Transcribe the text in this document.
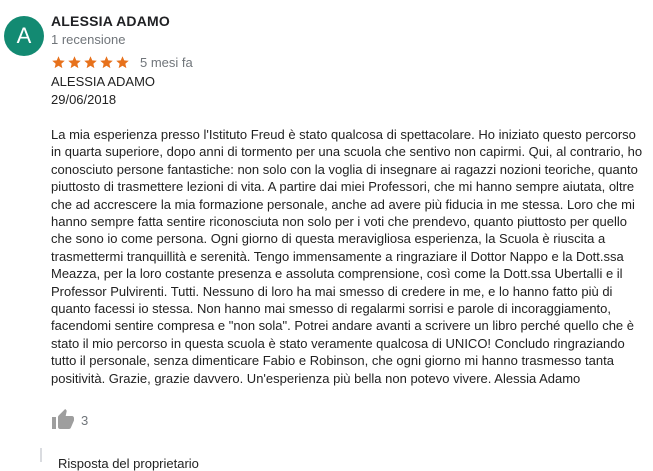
A
ALESSIA ADAMO
1 recensione
5 mesi fa
ALESSIA ADAMO
29/06/2018

La mia esperienza presso l'Istituto Freud è stato qualcosa di spettacolare. Ho iniziato questo percorso
in quarta superiore, dopo anni di tormento per una scuola che sentivo non capirmi. Qui, al contrario, ho
conosciuto persone fantastiche: non solo con la voglia di insegnare ai ragazzi nozioni teoriche, quanto
piuttosto di trasmettere lezioni di vita. A partire dai miei Professori, che mi hanno sempre aiutata, oltre
che ad accrescere la mia formazione personale, anche ad avere più fiducia in me stessa. Loro che mi
hanno sempre fatta sentire riconosciuta non solo per i voti che prendevo, quanto piuttosto per quello
che sono io come persona. Ogni giorno di questa meravigliosa esperienza, la Scuola è riuscita a
trasmettermi tranquillità e serenità. Tengo immensamente a ringraziare il Dottor Nappo e la Dott.ssa
Meazza, per la loro costante presenza e assoluta comprensione, così come la Dott.ssa Ubertalli e il
Professor Pulvirenti. Tutti. Nessuno di loro ha mai smesso di credere in me, e lo hanno fatto più di
quanto facessi io stessa. Non hanno mai smesso di regalarmi sorrisi e parole di incoraggiamento,
facendomi sentire compresa e "non sola". Potrei andare avanti a scrivere un libro perché quello che è
stato il mio percorso in questa scuola è stato veramente qualcosa di UNICO! Concludo ringraziando
tutto il personale, senza dimenticare Fabio e Robinson, che ogni giorno mi hanno trasmesso tanta
positività. Grazie, grazie davvero. Un'esperienza più bella non potevo vivere. Alessia Adamo

3
Risposta del proprietario
